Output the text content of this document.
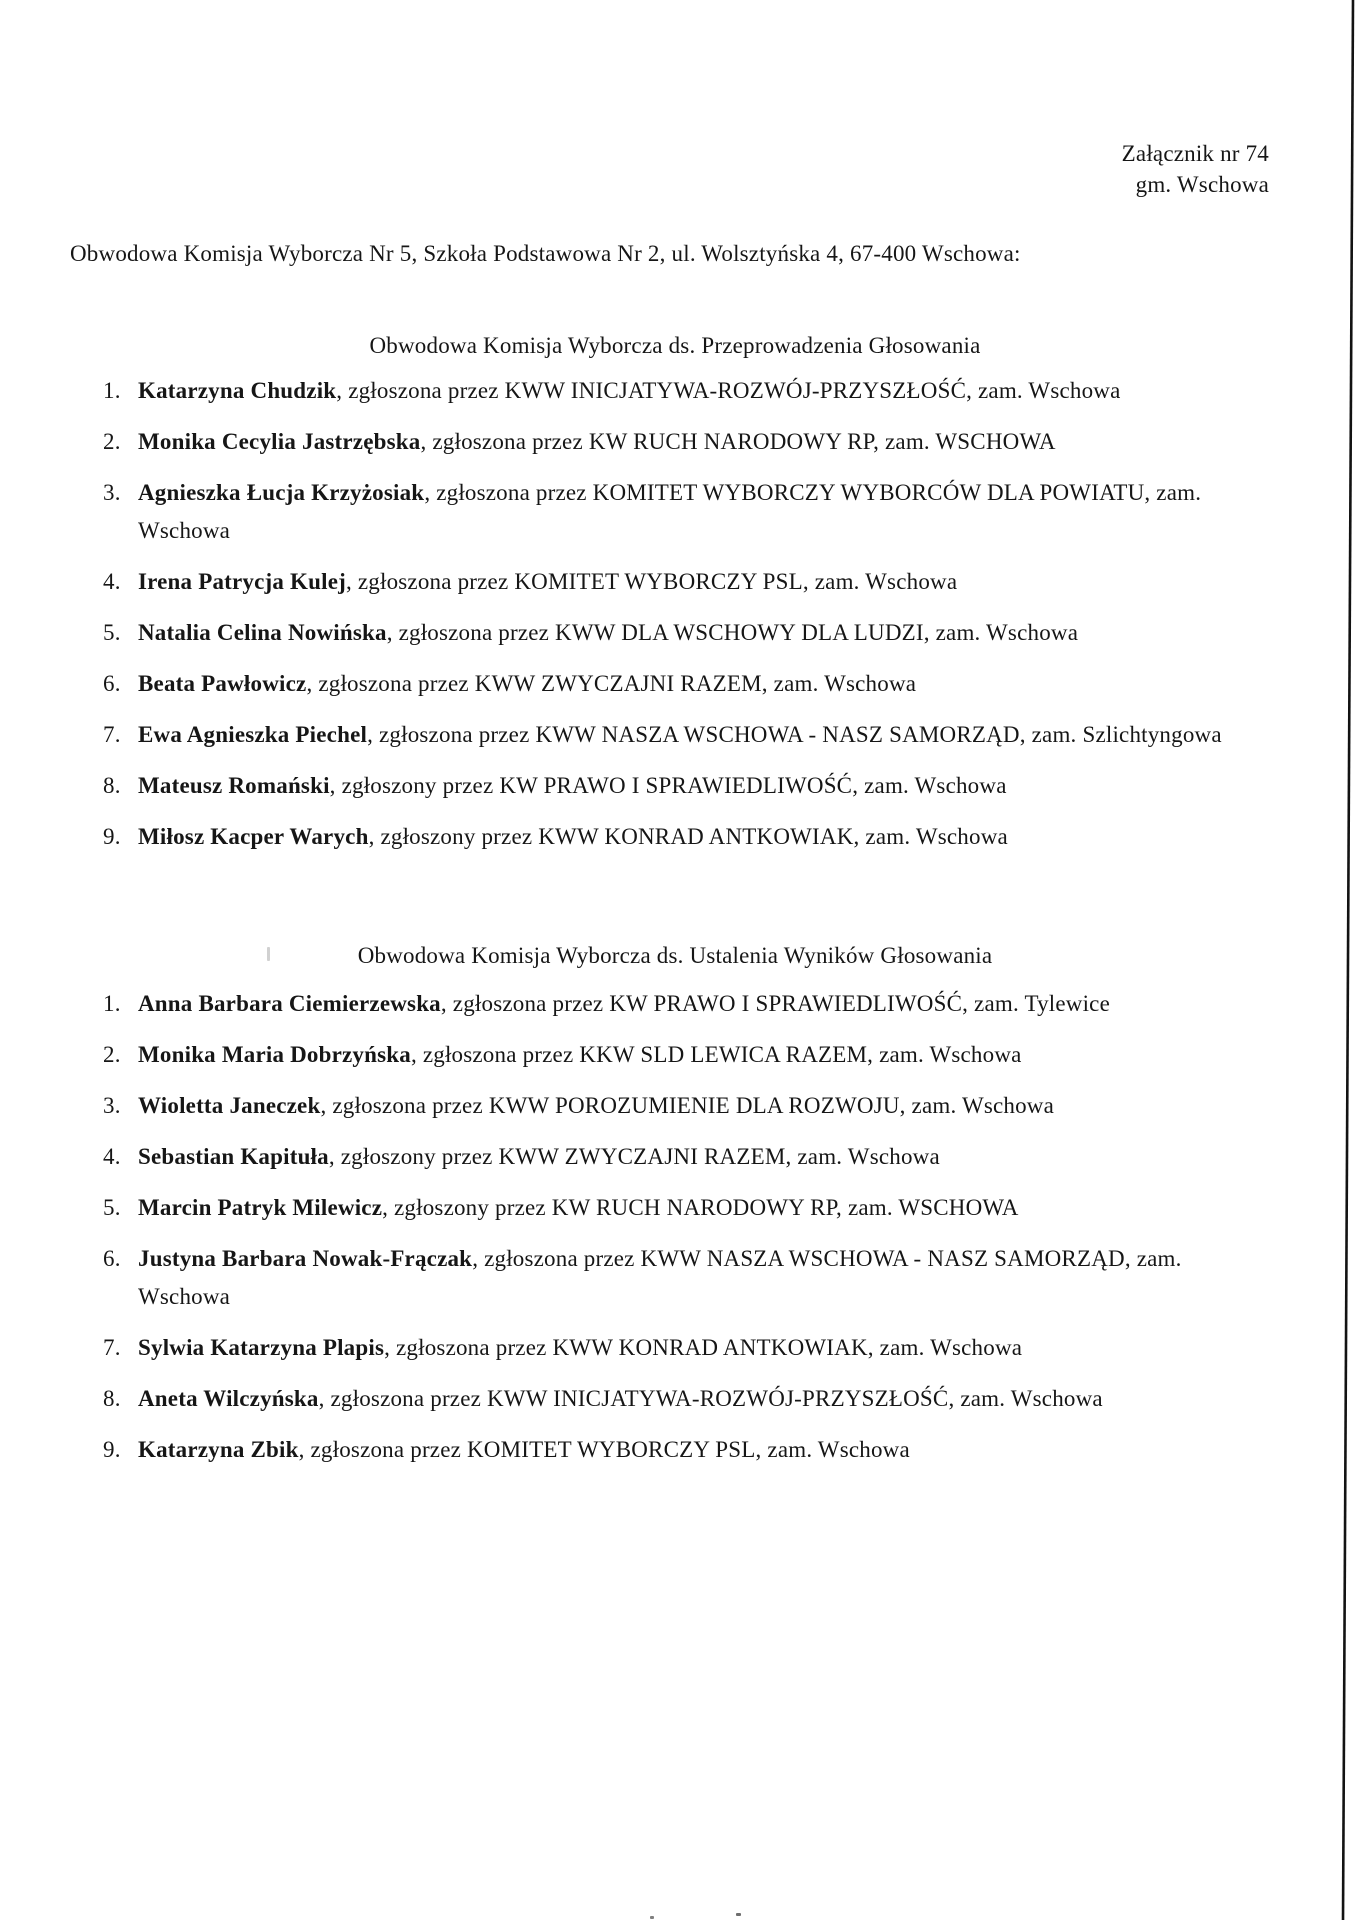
Załącznik nr 74
gm. Wschowa
Obwodowa Komisja Wyborcza Nr 5, Szkoła Podstawowa Nr 2, ul. Wolsztyńska 4, 67-400 Wschowa:
Obwodowa Komisja Wyborcza ds. Przeprowadzenia Głosowania
1. Katarzyna Chudzik, zgłoszona przez KWW INICJATYWA-ROZWÓJ-PRZYSZŁOŚĆ, zam. Wschowa
2. Monika Cecylia Jastrzębska, zgłoszona przez KW RUCH NARODOWY RP, zam. WSCHOWA
3. Agnieszka Łucja Krzyżosiak, zgłoszona przez KOMITET WYBORCZY WYBORCÓW DLA POWIATU, zam. Wschowa
4. Irena Patrycja Kulej, zgłoszona przez KOMITET WYBORCZY PSL, zam. Wschowa
5. Natalia Celina Nowińska, zgłoszona przez KWW DLA WSCHOWY DLA LUDZI, zam. Wschowa
6. Beata Pawłowicz, zgłoszona przez KWW ZWYCZAJNI RAZEM, zam. Wschowa
7. Ewa Agnieszka Piechel, zgłoszona przez KWW NASZA WSCHOWA - NASZ SAMORZĄD, zam. Szlichtyngowa
8. Mateusz Romański, zgłoszony przez KW PRAWO I SPRAWIEDLIWOŚĆ, zam. Wschowa
9. Miłosz Kacper Warych, zgłoszony przez KWW KONRAD ANTKOWIAK, zam. Wschowa
Obwodowa Komisja Wyborcza ds. Ustalenia Wyników Głosowania
1. Anna Barbara Ciemierzewska, zgłoszona przez KW PRAWO I SPRAWIEDLIWOŚĆ, zam. Tylewice
2. Monika Maria Dobrzyńska, zgłoszona przez KKW SLD LEWICA RAZEM, zam. Wschowa
3. Wioletta Janeczek, zgłoszona przez KWW POROZUMIENIE DLA ROZWOJU, zam. Wschowa
4. Sebastian Kapituła, zgłoszony przez KWW ZWYCZAJNI RAZEM, zam. Wschowa
5. Marcin Patryk Milewicz, zgłoszony przez KW RUCH NARODOWY RP, zam. WSCHOWA
6. Justyna Barbara Nowak-Frączak, zgłoszona przez KWW NASZA WSCHOWA - NASZ SAMORZĄD, zam. Wschowa
7. Sylwia Katarzyna Plapis, zgłoszona przez KWW KONRAD ANTKOWIAK, zam. Wschowa
8. Aneta Wilczyńska, zgłoszona przez KWW INICJATYWA-ROZWÓJ-PRZYSZŁOŚĆ, zam. Wschowa
9. Katarzyna Zbik, zgłoszona przez KOMITET WYBORCZY PSL, zam. Wschowa
